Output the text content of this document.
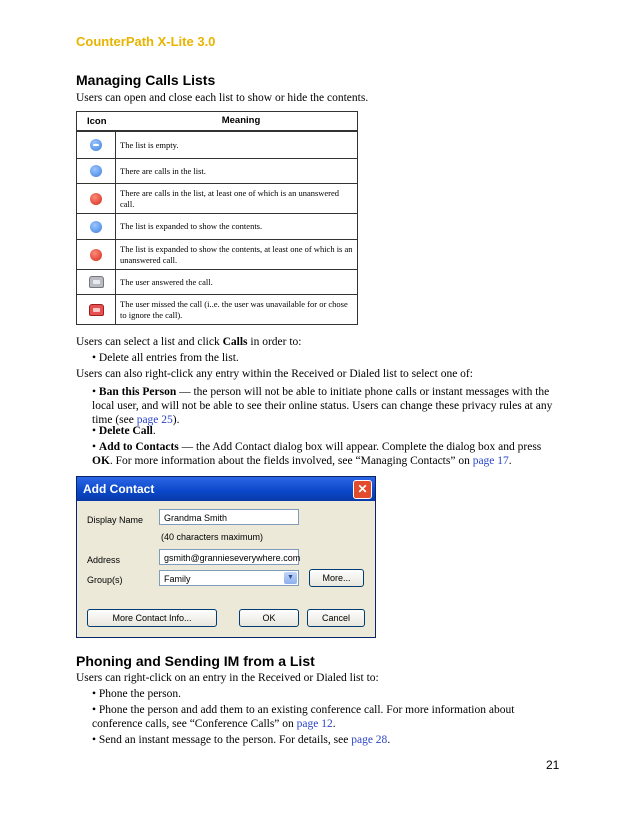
CounterPath X-Lite 3.0
Managing Calls Lists
Users can open and close each list to show or hide the contents.
Icon	Meaning
The list is empty.
There are calls in the list.
There are calls in the list, at least one of which is an unanswered call.
The list is expanded to show the contents.
The list is expanded to show the contents, at least one of which is an unanswered call.
The user answered the call.
The user missed the call (i..e. the user was unavailable for or chose to ignore the call).
Users can select a list and click Calls in order to:
• Delete all entries from the list.
Users can also right-click any entry within the Received or Dialed list to select one of:
• Ban this Person — the person will not be able to initiate phone calls or instant messages with the local user, and will not be able to see their online status. Users can change these privacy rules at any time (see page 25).
• Delete Call.
• Add to Contacts — the Add Contact dialog box will appear. Complete the dialog box and press OK. For more information about the fields involved, see “Managing Contacts” on page 17.
Add Contact	✕
Display Name	Grandma Smith
(40 characters maximum)
Address	gsmith@grannieseverywhere.com
Group(s)	Family	▼	More...
More Contact Info...	OK	Cancel
Phoning and Sending IM from a List
Users can right-click on an entry in the Received or Dialed list to:
• Phone the person.
• Phone the person and add them to an existing conference call. For more information about conference calls, see “Conference Calls” on page 12.
• Send an instant message to the person. For details, see page 28.
21
